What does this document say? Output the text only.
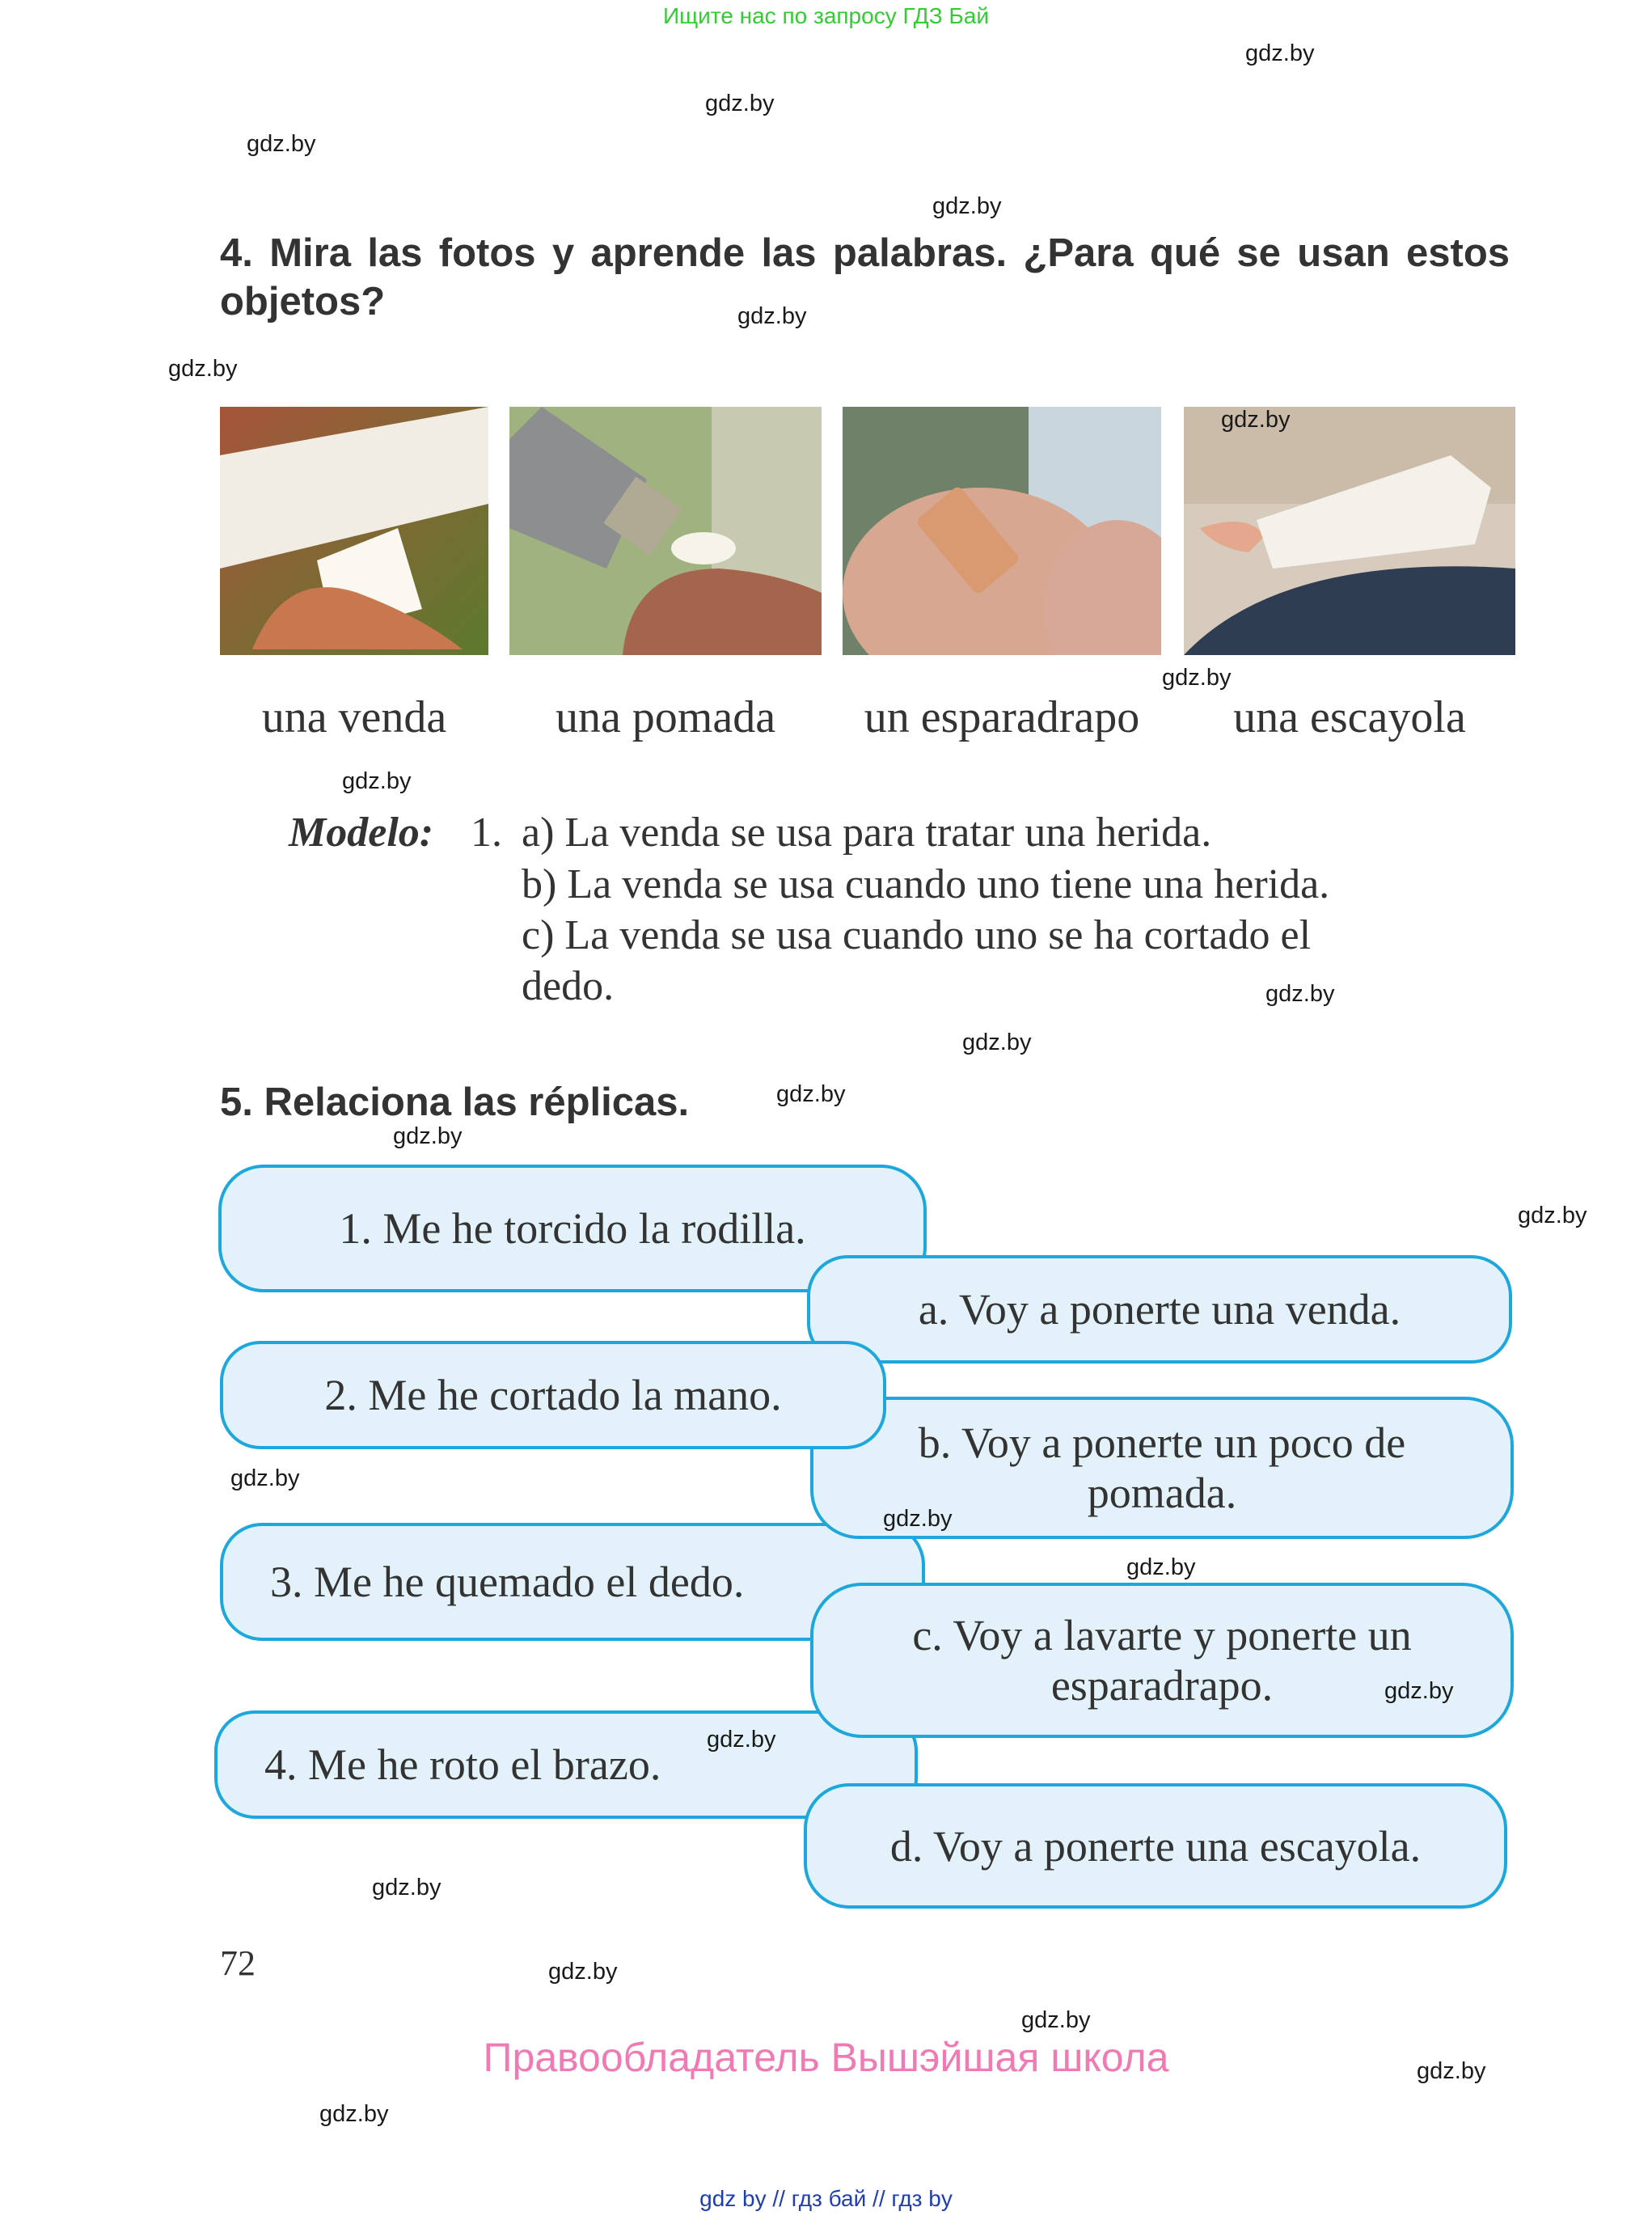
Ищите нас по запросу ГДЗ Бай
gdz.by
gdz.by
gdz.by
gdz.by
gdz.by
gdz.by
gdz.by
gdz.by
gdz.by
gdz.by
gdz.by
gdz.by
gdz.by
gdz.by
gdz.by
gdz.by
gdz.by
gdz.by
gdz.by
gdz.by
gdz.by
gdz.by
gdz.by
gdz.by
4. Mira las fotos y aprende las palabras. ¿Para qué se usan estos objetos?
una venda	una pomada	un esparadrapo	una escayola
Modelo: 1. a) La venda se usa para tratar una herida.
b) La venda se usa cuando uno tiene una herida.
c) La venda se usa cuando uno se ha cortado el
dedo.
5. Relaciona las réplicas.
1. Me he torcido la rodilla.
a. Voy a ponerte una venda.
2. Me he cortado la mano.
b. Voy a ponerte un poco de pomada.
3. Me he quemado el dedo.
c. Voy a lavarte y ponerte un esparadrapo.
4. Me he roto el brazo.
d. Voy a ponerte una escayola.
72
Правообладатель Вышэйшая школа
gdz by // гдз бай // гдз by
